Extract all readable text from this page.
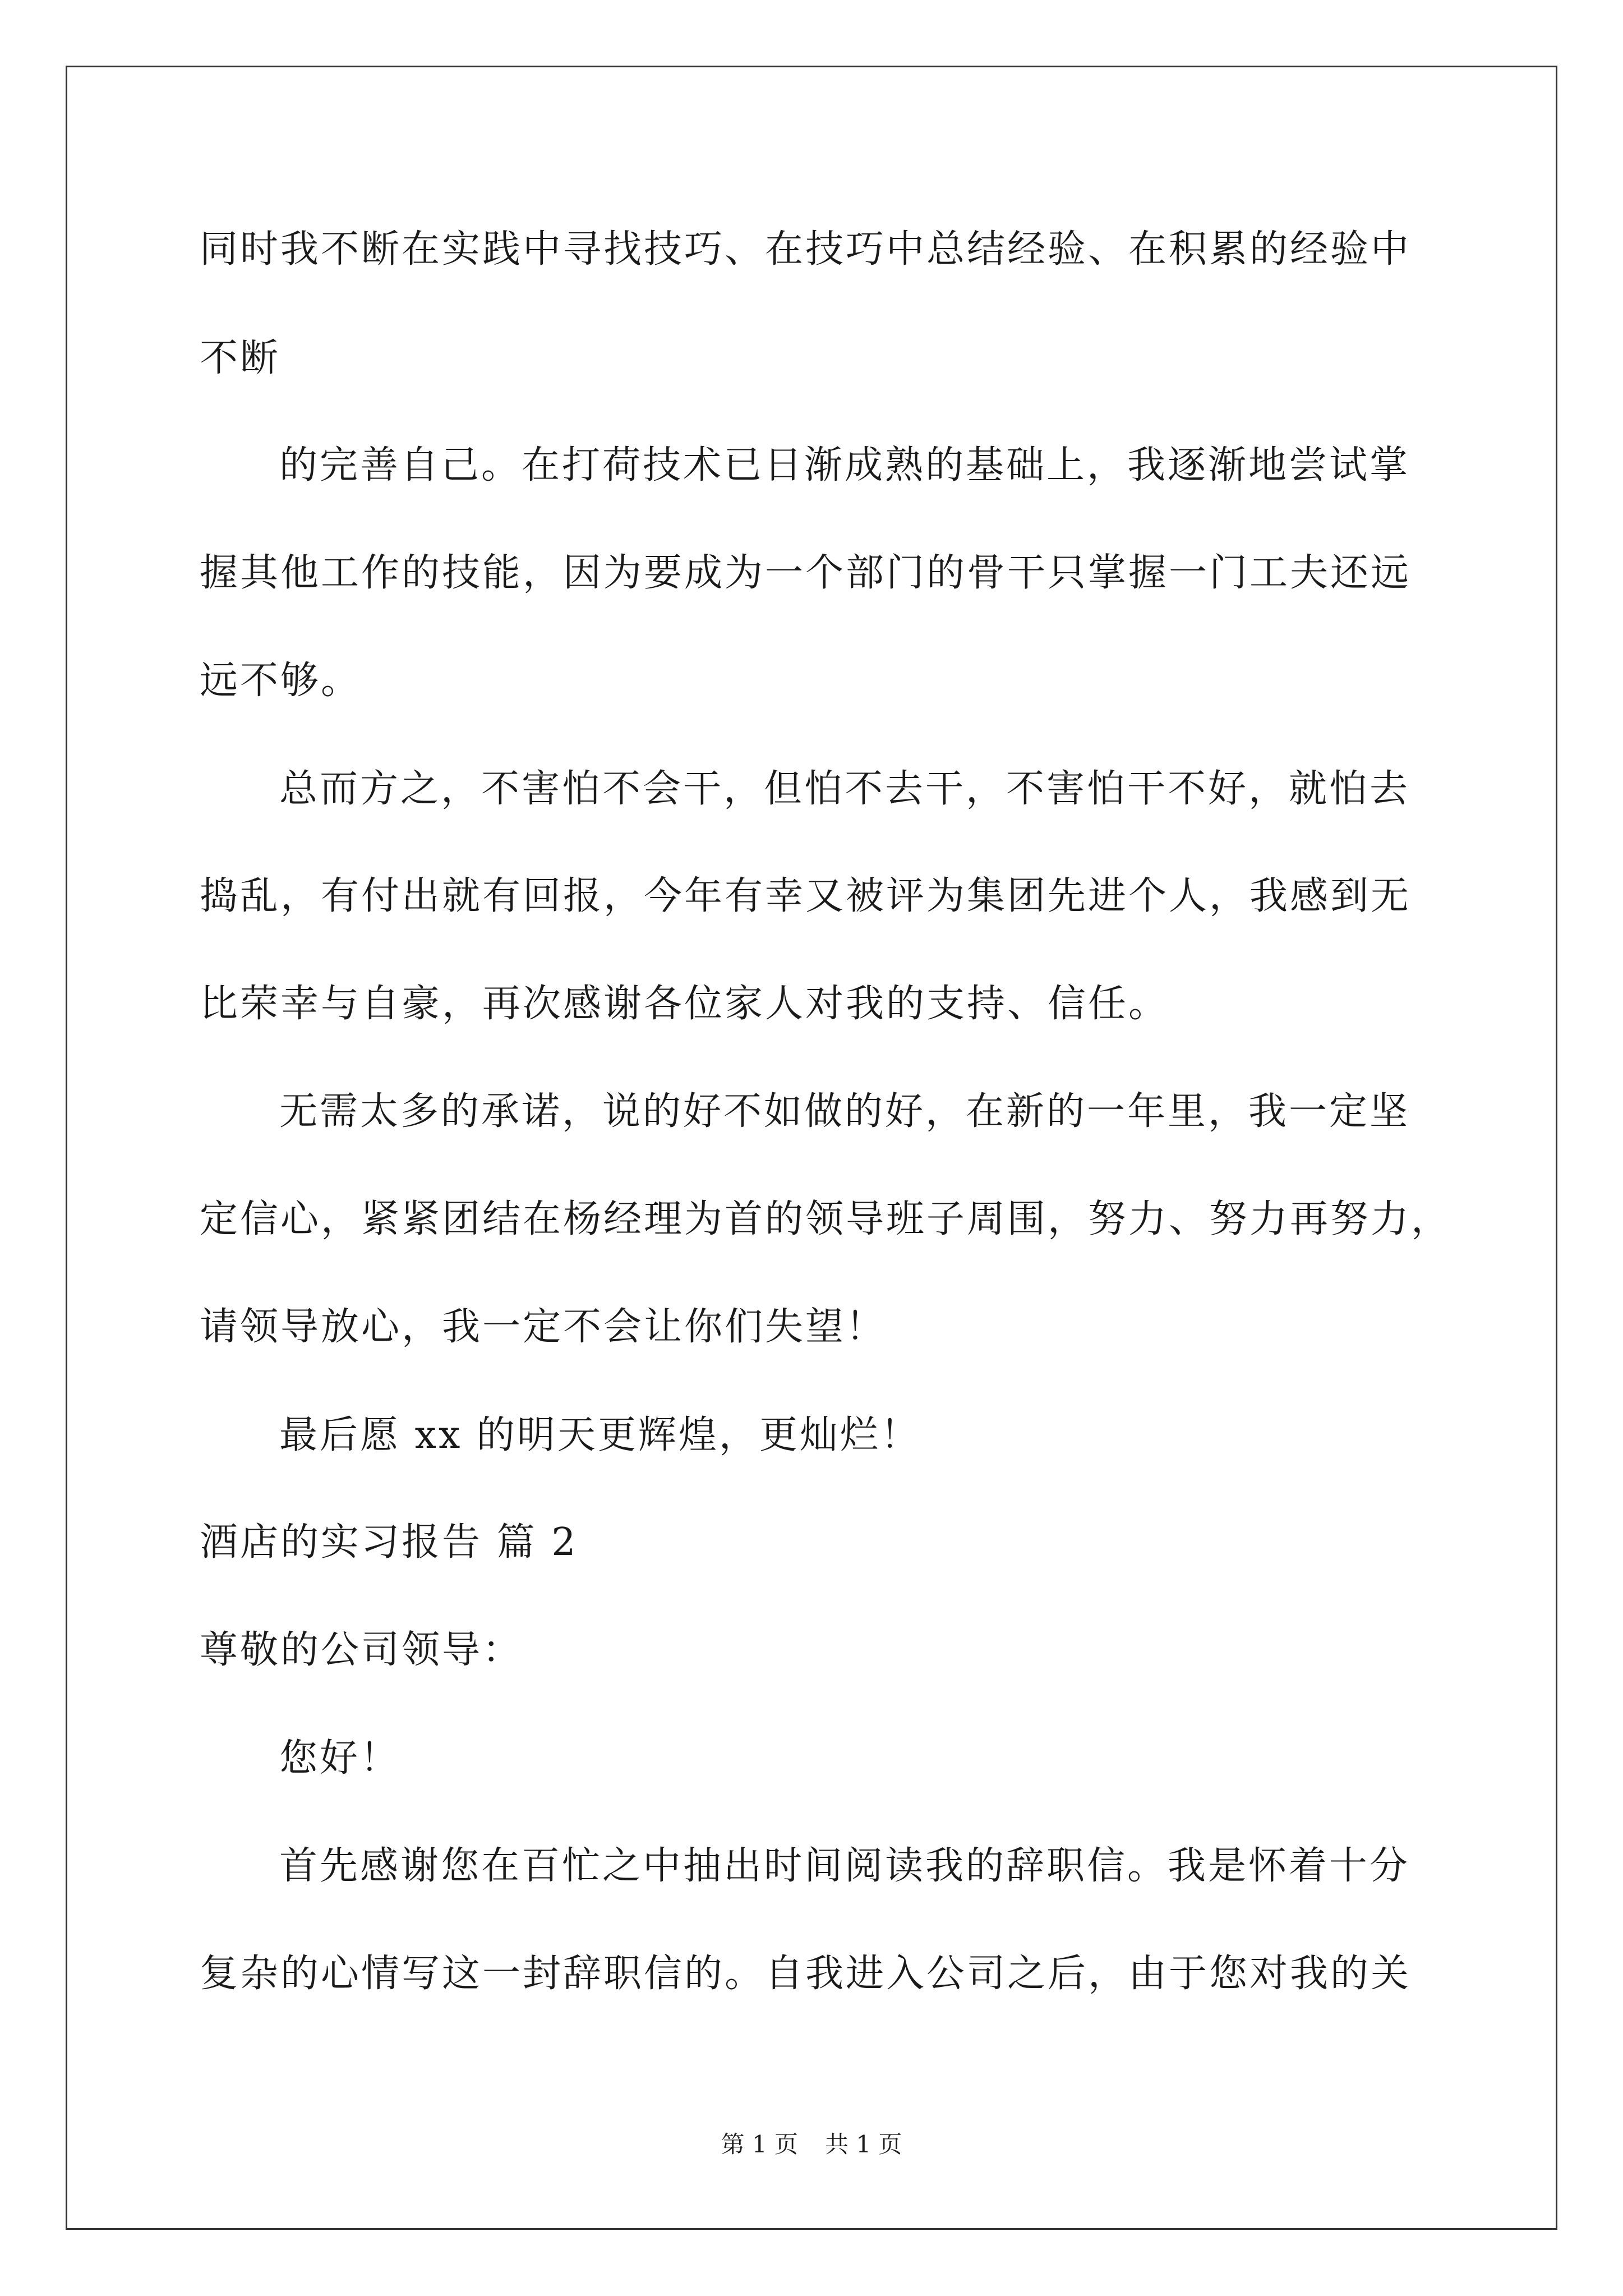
同时我不断在实践中寻找技巧、在技巧中总结经验、在积累的经验中
不断
的完善自己。在打荷技术已日渐成熟的基础上，我逐渐地尝试掌
握其他工作的技能，因为要成为一个部门的骨干只掌握一门工夫还远
远不够。
总而方之，不害怕不会干，但怕不去干，不害怕干不好，就怕去
捣乱，有付出就有回报，今年有幸又被评为集团先进个人，我感到无
比荣幸与自豪，再次感谢各位家人对我的支持、信任。
无需太多的承诺，说的好不如做的好，在新的一年里，我一定坚
定信心，紧紧团结在杨经理为首的领导班子周围，努力、努力再努力，
请领导放心，我一定不会让你们失望！
最后愿 xx 的明天更辉煌，更灿烂！
酒店的实习报告 篇 2
尊敬的公司领导：
您好！
首先感谢您在百忙之中抽出时间阅读我的辞职信。我是怀着十分
复杂的心情写这一封辞职信的。自我进入公司之后，由于您对我的关
第 1 页 共 1 页
